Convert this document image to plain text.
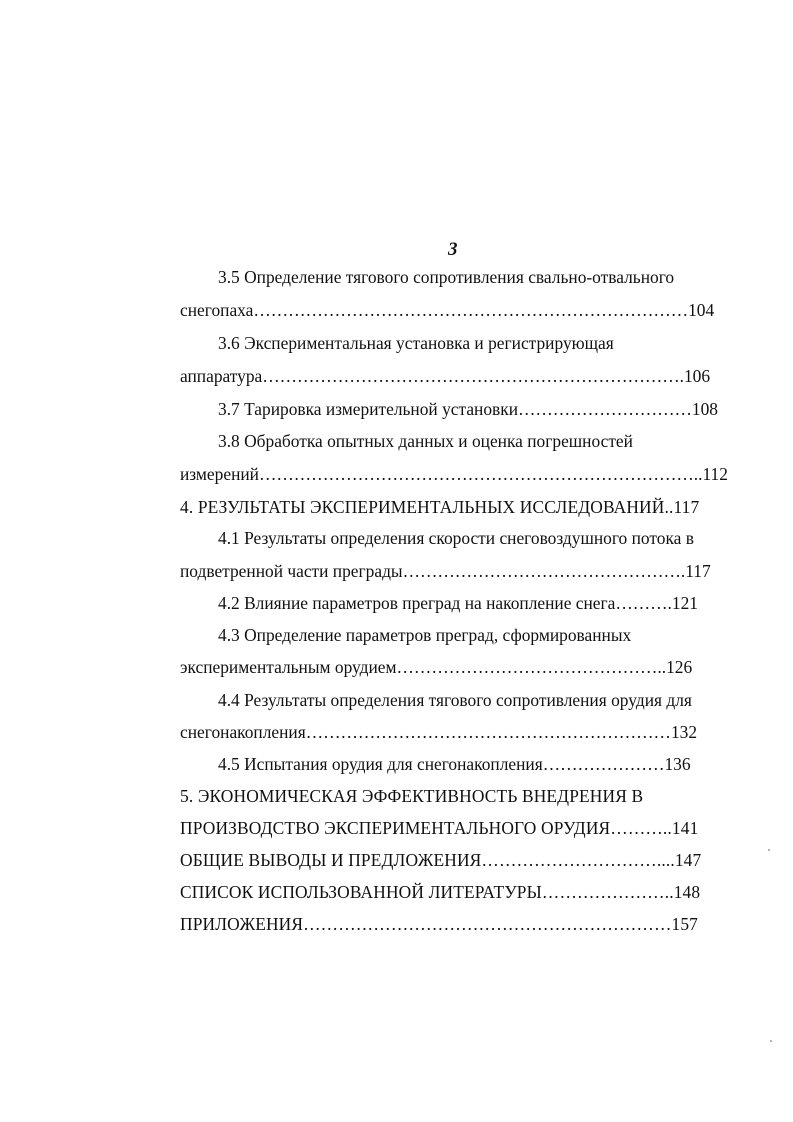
3
3.5 Определение тягового сопротивления свально-отвального
снегопаха…………………………………………………………………104
3.6 Экспериментальная установка и регистрирующая
аппаратура……………………………………………………………….106
3.7 Тарировка измерительной установки…………………………108
3.8 Обработка опытных данных и оценка погрешностей
измерений…………………………………………………………………..112
4. РЕЗУЛЬТАТЫ ЭКСПЕРИМЕНТАЛЬНЫХ ИССЛЕДОВАНИЙ..117
4.1 Результаты определения скорости снеговоздушного потока в
подветренной части преграды………………………………………….117
4.2 Влияние параметров преград на накопление снега……….121
4.3 Определение параметров преград, сформированных
экспериментальным орудием………………………………………..126
4.4 Результаты определения тягового сопротивления орудия для
снегонакопления………………………………………………………132
4.5 Испытания орудия для снегонакопления…………………136
5. ЭКОНОМИЧЕСКАЯ ЭФФЕКТИВНОСТЬ ВНЕДРЕНИЯ В
ПРОИЗВОДСТВО ЭКСПЕРИМЕНТАЛЬНОГО ОРУДИЯ………..141
ОБЩИЕ ВЫВОДЫ И ПРЕДЛОЖЕНИЯ…………………………....147
СПИСОК ИСПОЛЬЗОВАННОЙ ЛИТЕРАТУРЫ…………………..148
ПРИЛОЖЕНИЯ………………………………………………………157
